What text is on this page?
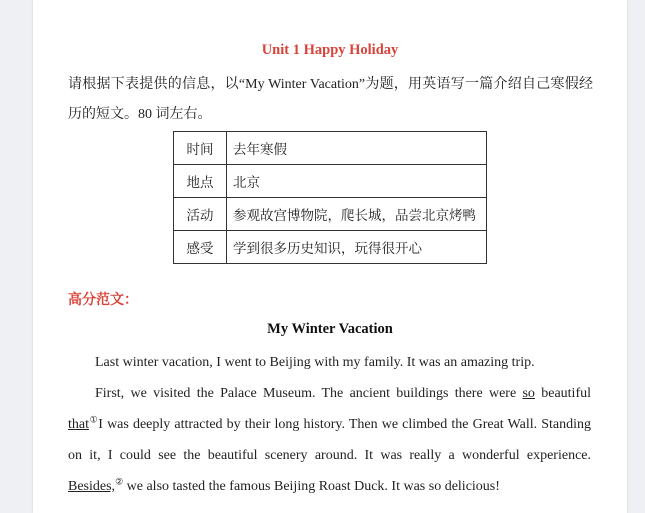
Unit 1 Happy Holiday
请根据下表提供的信息，以“My Winter Vacation”为题，用英语写一篇介绍自己寒假经历的短文。80 词左右。
时间	去年寒假
地点	北京
活动	参观故宫博物院，爬长城，品尝北京烤鸭
感受	学到很多历史知识，玩得很开心
高分范文：
My Winter Vacation

Last winter vacation, I went to Beijing with my family. It was an amazing trip.

First, we visited the Palace Museum. The ancient buildings there were so beautiful that①I was deeply attracted by their long history. Then we climbed the Great Wall. Standing on it, I could see the beautiful scenery around. It was really a wonderful experience. Besides,② we also tasted the famous Beijing Roast Duck. It was so delicious!
